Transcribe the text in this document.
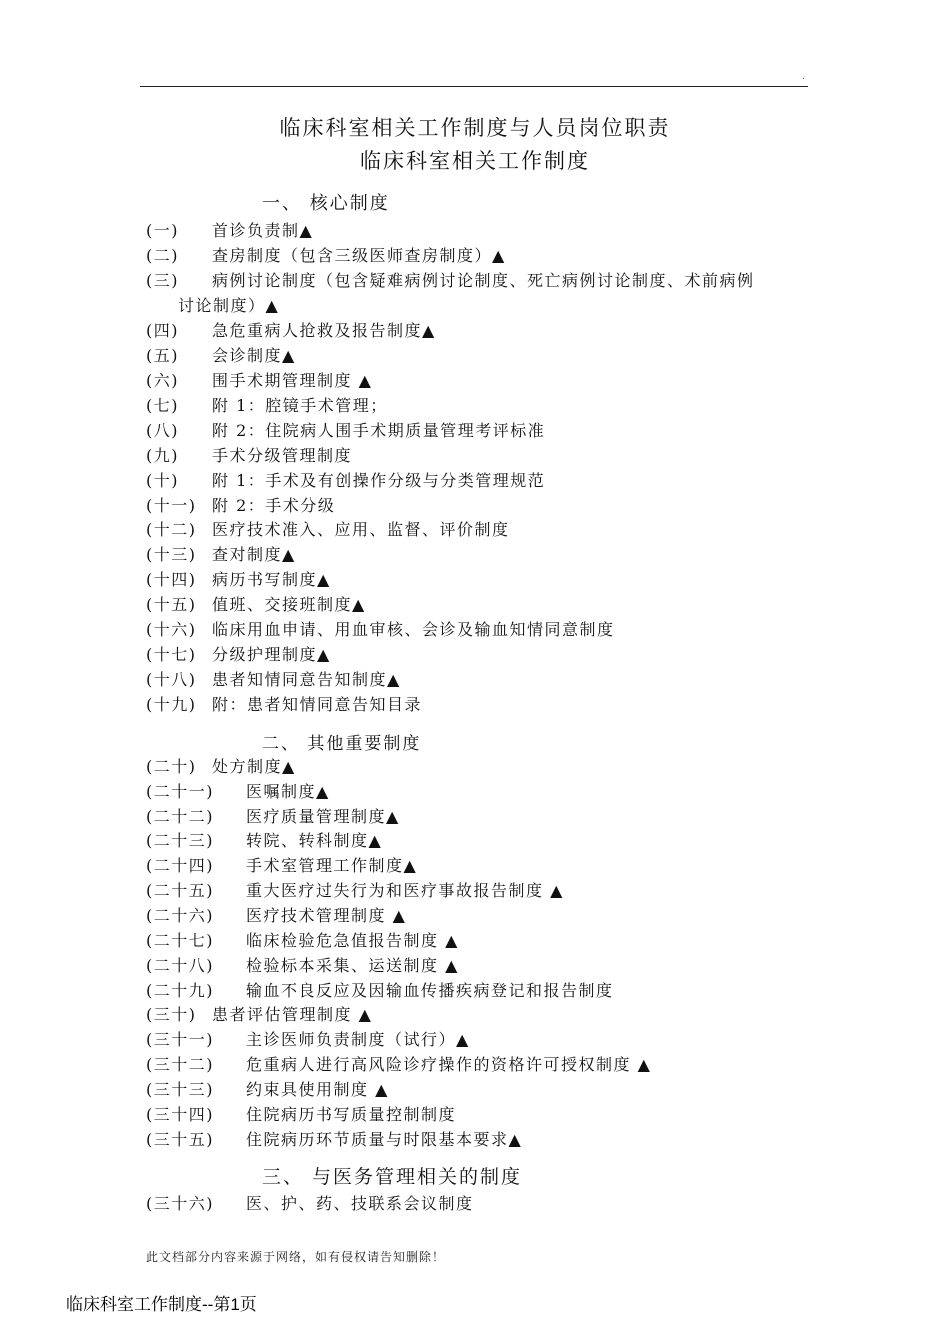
.
临床科室相关工作制度与人员岗位职责
临床科室相关工作制度
一、 核心制度
二、 其他重要制度
三、 与医务管理相关的制度
(一) 首诊负责制▲
(二) 查房制度（包含三级医师查房制度）▲
(三) 病例讨论制度（包含疑难病例讨论制度、死亡病例讨论制度、术前病例
讨论制度）▲
(四) 急危重病人抢救及报告制度▲
(五) 会诊制度▲
(六) 围手术期管理制度 ▲
(七) 附 1：腔镜手术管理；
(八) 附 2：住院病人围手术期质量管理考评标准
(九) 手术分级管理制度
(十) 附 1：手术及有创操作分级与分类管理规范
(十一) 附 2：手术分级
(十二) 医疗技术准入、应用、监督、评价制度
(十三) 查对制度▲
(十四) 病历书写制度▲
(十五) 值班、交接班制度▲
(十六) 临床用血申请、用血审核、会诊及输血知情同意制度
(十七) 分级护理制度▲
(十八) 患者知情同意告知制度▲
(十九) 附：患者知情同意告知目录
(二十) 处方制度▲
(二十一) 医嘱制度▲
(二十二) 医疗质量管理制度▲
(二十三) 转院、转科制度▲
(二十四) 手术室管理工作制度▲
(二十五) 重大医疗过失行为和医疗事故报告制度 ▲
(二十六) 医疗技术管理制度 ▲
(二十七) 临床检验危急值报告制度 ▲
(二十八) 检验标本采集、运送制度 ▲
(二十九) 输血不良反应及因输血传播疾病登记和报告制度
(三十) 患者评估管理制度 ▲
(三十一) 主诊医师负责制度（试行）▲
(三十二) 危重病人进行高风险诊疗操作的资格许可授权制度 ▲
(三十三) 约束具使用制度 ▲
(三十四) 住院病历书写质量控制制度
(三十五) 住院病历环节质量与时限基本要求▲
(三十六) 医、护、药、技联系会议制度
此文档部分内容来源于网络，如有侵权请告知删除！
临床科室工作制度--第1页
